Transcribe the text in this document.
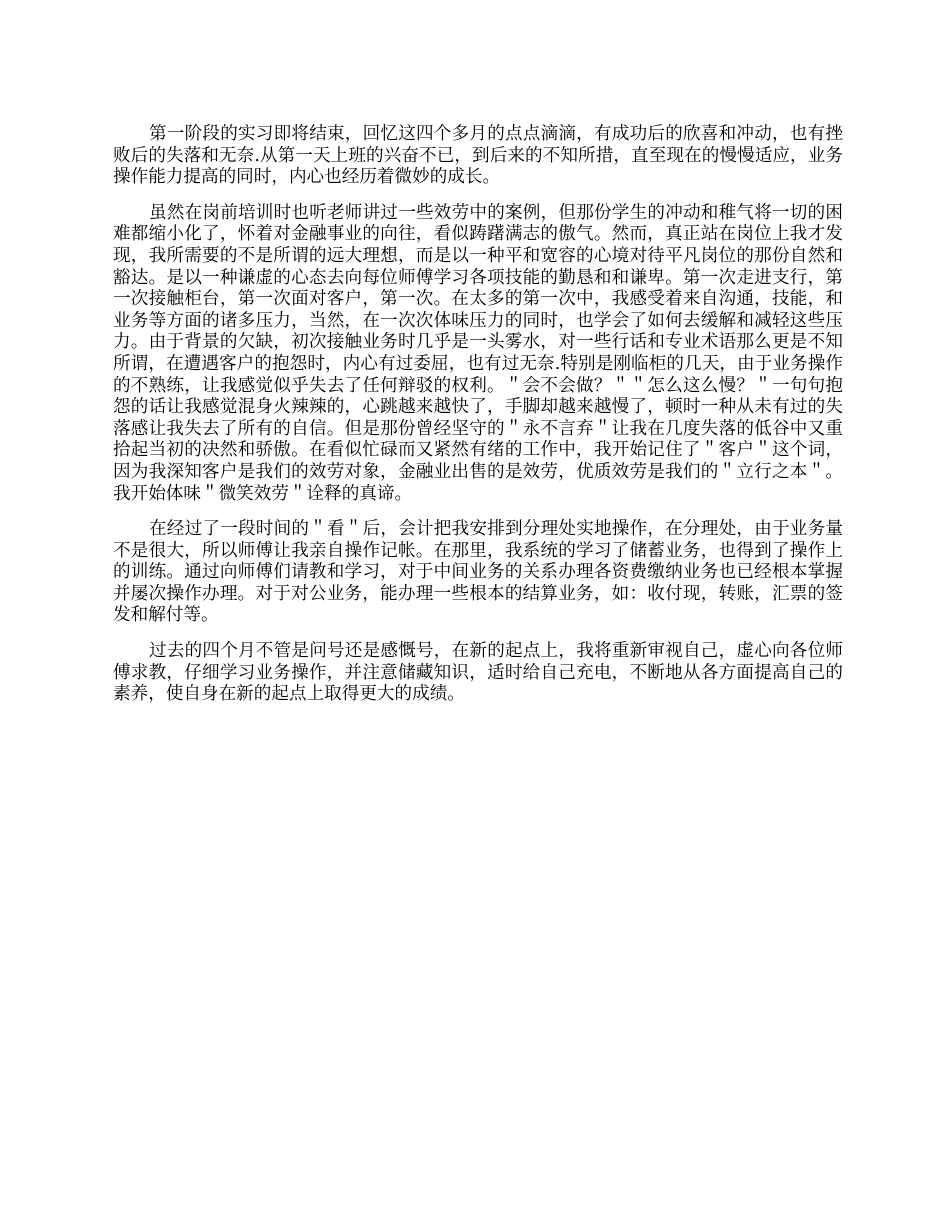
第一阶段的实习即将结束，回忆这四个多月的点点滴滴，有成功后的欣喜和冲动，也有挫败后的失落和无奈.从第一天上班的兴奋不已，到后来的不知所措，直至现在的慢慢适应，业务操作能力提高的同时，内心也经历着微妙的成长。

虽然在岗前培训时也听老师讲过一些效劳中的案例，但那份学生的冲动和稚气将一切的困难都缩小化了，怀着对金融事业的向往，看似踌躇满志的傲气。然而，真正站在岗位上我才发现，我所需要的不是所谓的远大理想，而是以一种平和宽容的心境对待平凡岗位的那份自然和豁达。是以一种谦虚的心态去向每位师傅学习各项技能的勤恳和和谦卑。第一次走进支行，第一次接触柜台，第一次面对客户，第一次。在太多的第一次中，我感受着来自沟通，技能，和业务等方面的诸多压力，当然，在一次次体味压力的同时，也学会了如何去缓解和减轻这些压力。由于背景的欠缺，初次接触业务时几乎是一头雾水，对一些行话和专业术语那么更是不知所谓，在遭遇客户的抱怨时，内心有过委屈，也有过无奈.特别是刚临柜的几天，由于业务操作的不熟练，让我感觉似乎失去了任何辩驳的权利。＂会不会做？＂＂怎么这么慢？＂一句句抱怨的话让我感觉混身火辣辣的，心跳越来越快了，手脚却越来越慢了，顿时一种从未有过的失落感让我失去了所有的自信。但是那份曾经坚守的＂永不言弃＂让我在几度失落的低谷中又重拾起当初的决然和骄傲。在看似忙碌而又紧然有绪的工作中，我开始记住了＂客户＂这个词，因为我深知客户是我们的效劳对象，金融业出售的是效劳，优质效劳是我们的＂立行之本＂。我开始体味＂微笑效劳＂诠释的真谛。

在经过了一段时间的＂看＂后，会计把我安排到分理处实地操作，在分理处，由于业务量不是很大，所以师傅让我亲自操作记帐。在那里，我系统的学习了储蓄业务，也得到了操作上的训练。通过向师傅们请教和学习，对于中间业务的关系办理各资费缴纳业务也已经根本掌握并屡次操作办理。对于对公业务，能办理一些根本的结算业务，如：收付现，转账，汇票的签发和解付等。

过去的四个月不管是问号还是感慨号，在新的起点上，我将重新审视自己，虚心向各位师傅求教，仔细学习业务操作，并注意储藏知识，适时给自己充电，不断地从各方面提高自己的素养，使自身在新的起点上取得更大的成绩。
